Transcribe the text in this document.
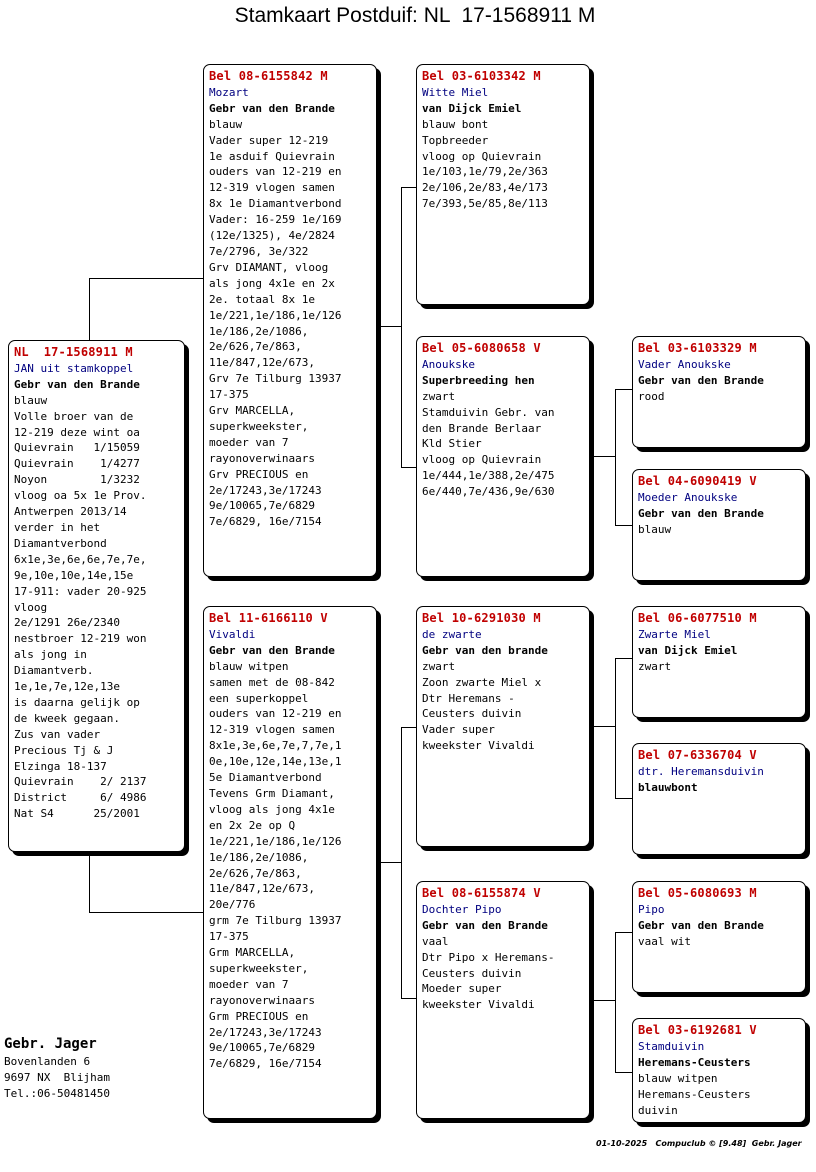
Stamkaart Postduif: NL  17-1568911 M
NL  17-1568911 M
JAN uit stamkoppel
Gebr van den Brande
blauw
Volle broer van de
12-219 deze wint oa
Quievrain   1/15059
Quievrain    1/4277
Noyon        1/3232
vloog oa 5x 1e Prov.
Antwerpen 2013/14
verder in het
Diamantverbond
6x1e,3e,6e,6e,7e,7e,
9e,10e,10e,14e,15e
17-911: vader 20-925
vloog
2e/1291 26e/2340
nestbroer 12-219 won
als jong in
Diamantverb.
1e,1e,7e,12e,13e
is daarna gelijk op
de kweek gegaan.
Zus van vader
Precious Tj & J
Elzinga 18-137
Quievrain    2/ 2137
District     6/ 4986
Nat S4      25/2001
Bel 08-6155842 M
Mozart
Gebr van den Brande
blauw
Vader super 12-219
1e asduif Quievrain
ouders van 12-219 en
12-319 vlogen samen
8x 1e Diamantverbond
Vader: 16-259 1e/169
(12e/1325), 4e/2824
7e/2796, 3e/322
Grv DIAMANT, vloog
als jong 4x1e en 2x
2e. totaal 8x 1e
1e/221,1e/186,1e/126
1e/186,2e/1086,
2e/626,7e/863,
11e/847,12e/673,
Grv 7e Tilburg 13937
17-375
Grv MARCELLA,
superkweekster,
moeder van 7
rayonoverwinaars
Grv PRECIOUS en
2e/17243,3e/17243
9e/10065,7e/6829
7e/6829, 16e/7154
Bel 11-6166110 V
Vivaldi
Gebr van den Brande
blauw witpen
samen met de 08-842
een superkoppel
ouders van 12-219 en
12-319 vlogen samen
8x1e,3e,6e,7e,7,7e,1
0e,10e,12e,14e,13e,1
5e Diamantverbond
Tevens Grm Diamant,
vloog als jong 4x1e
en 2x 2e op Q
1e/221,1e/186,1e/126
1e/186,2e/1086,
2e/626,7e/863,
11e/847,12e/673,
20e/776
grm 7e Tilburg 13937
17-375
Grm MARCELLA,
superkweekster,
moeder van 7
rayonoverwinaars
Grm PRECIOUS en
2e/17243,3e/17243
9e/10065,7e/6829
7e/6829, 16e/7154
Bel 03-6103342 M
Witte Miel
van Dijck Emiel
blauw bont
Topbreeder
vloog op Quievrain
1e/103,1e/79,2e/363
2e/106,2e/83,4e/173
7e/393,5e/85,8e/113
Bel 05-6080658 V
Anoukske
Superbreeding hen
zwart
Stamduivin Gebr. van
den Brande Berlaar
Kld Stier
vloog op Quievrain
1e/444,1e/388,2e/475
6e/440,7e/436,9e/630
Bel 10-6291030 M
de zwarte
Gebr van den brande
zwart
Zoon zwarte Miel x
Dtr Heremans -
Ceusters duivin
Vader super
kweekster Vivaldi
Bel 08-6155874 V
Dochter Pipo
Gebr van den Brande
vaal
Dtr Pipo x Heremans-
Ceusters duivin
Moeder super
kweekster Vivaldi
Bel 03-6103329 M
Vader Anoukske
Gebr van den Brande
rood
Bel 04-6090419 V
Moeder Anoukske
Gebr van den Brande
blauw
Bel 06-6077510 M
Zwarte Miel
van Dijck Emiel
zwart
Bel 07-6336704 V
dtr. Heremansduivin
blauwbont
Bel 05-6080693 M
Pipo
Gebr van den Brande
vaal wit
Bel 03-6192681 V
Stamduivin
Heremans-Ceusters
blauw witpen
Heremans-Ceusters
duivin
Gebr. Jager
Bovenlanden 6
9697 NX  Blijham
Tel.:06-50481450
01-10-2025   Compuclub © [9.48]  Gebr. Jager
